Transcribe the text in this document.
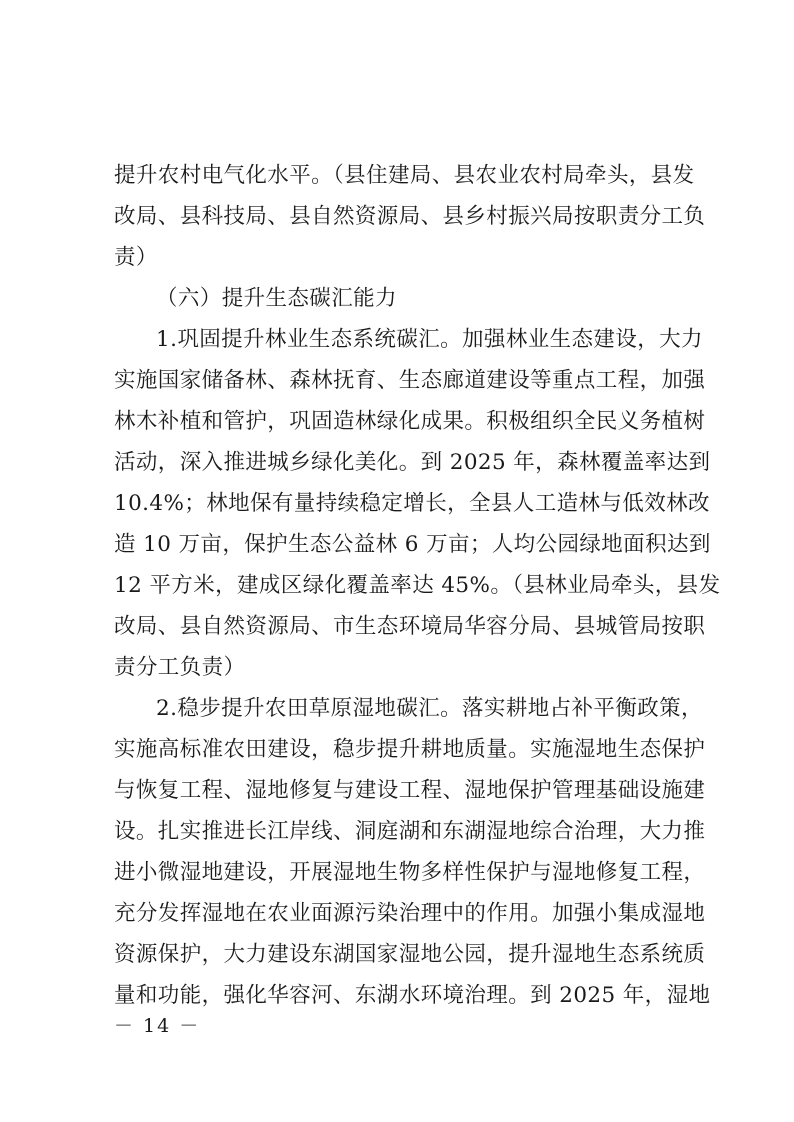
提升农村电气化水平。（县住建局、县农业农村局牵头，县发
改局、县科技局、县自然资源局、县乡村振兴局按职责分工负
责）
（六）提升生态碳汇能力
1.巩固提升林业生态系统碳汇。加强林业生态建设，大力
实施国家储备林、森林抚育、生态廊道建设等重点工程，加强
林木补植和管护，巩固造林绿化成果。积极组织全民义务植树
活动，深入推进城乡绿化美化。到 2025 年，森林覆盖率达到
10.4%；林地保有量持续稳定增长，全县人工造林与低效林改
造 10 万亩，保护生态公益林 6 万亩；人均公园绿地面积达到
12 平方米，建成区绿化覆盖率达 45%。（县林业局牵头，县发
改局、县自然资源局、市生态环境局华容分局、县城管局按职
责分工负责）
2.稳步提升农田草原湿地碳汇。落实耕地占补平衡政策，
实施高标准农田建设，稳步提升耕地质量。实施湿地生态保护
与恢复工程、湿地修复与建设工程、湿地保护管理基础设施建
设。扎实推进长江岸线、洞庭湖和东湖湿地综合治理，大力推
进小微湿地建设，开展湿地生物多样性保护与湿地修复工程，
充分发挥湿地在农业面源污染治理中的作用。加强小集成湿地
资源保护，大力建设东湖国家湿地公园，提升湿地生态系统质
量和功能，强化华容河、东湖水环境治理。到 2025 年，湿地
－ 14 －
